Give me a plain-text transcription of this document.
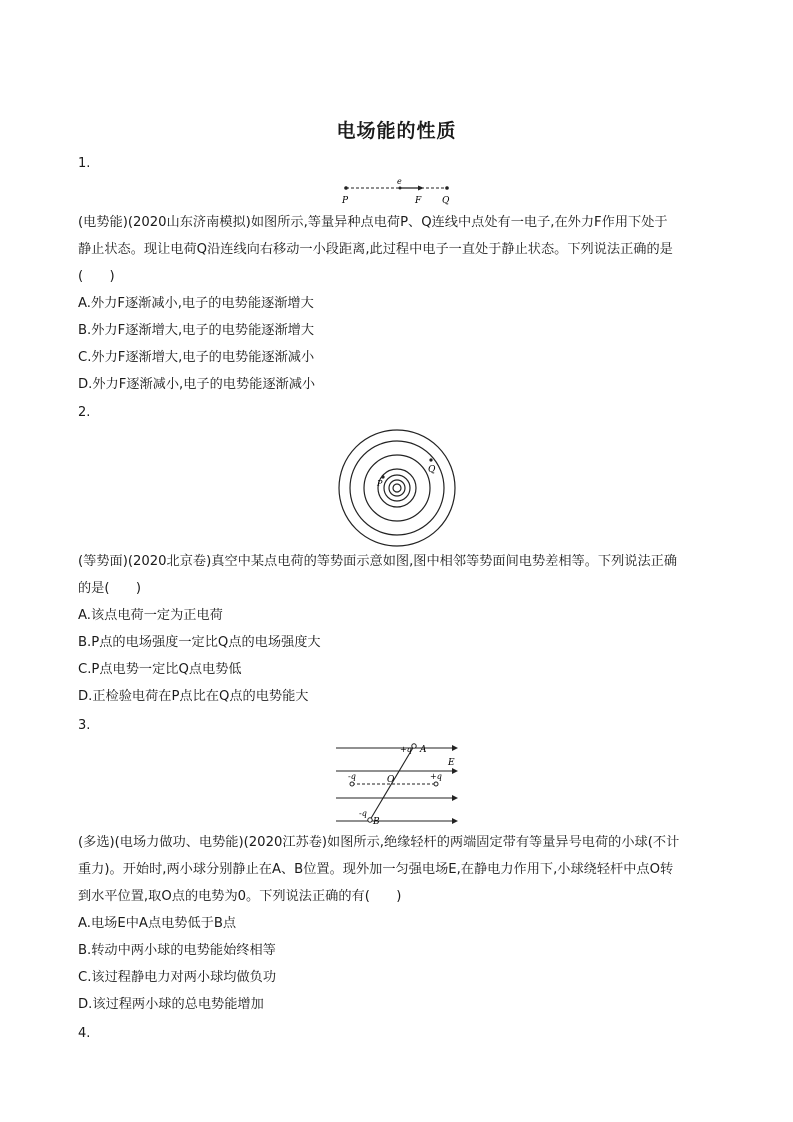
电场能的性质
1.
P	Q
e
F
(电势能)(2020山东济南模拟)如图所示,等量异种点电荷P、Q连线中点处有一电子,在外力F作用下处于
静止状态。现让电荷Q沿连线向右移动一小段距离,此过程中电子一直处于静止状态。下列说法正确的是
(　　)
A.外力F逐渐减小,电子的电势能逐渐增大
B.外力F逐渐增大,电子的电势能逐渐增大
C.外力F逐渐增大,电子的电势能逐渐减小
D.外力F逐渐减小,电子的电势能逐渐减小
2.
P
Q
(等势面)(2020北京卷)真空中某点电荷的等势面示意如图,图中相邻等势面间电势差相等。下列说法正确
的是(　　)
A.该点电荷一定为正电荷
B.P点的电场强度一定比Q点的电场强度大
C.P点电势一定比Q点电势低
D.正检验电荷在P点比在Q点的电势能大
3.
+q A
E
-q	O	+q
-q
B
(多选)(电场力做功、电势能)(2020江苏卷)如图所示,绝缘轻杆的两端固定带有等量异号电荷的小球(不计
重力)。开始时,两小球分别静止在A、B位置。现外加一匀强电场E,在静电力作用下,小球绕轻杆中点O转
到水平位置,取O点的电势为0。下列说法正确的有(　　)
A.电场E中A点电势低于B点
B.转动中两小球的电势能始终相等
C.该过程静电力对两小球均做负功
D.该过程两小球的总电势能增加
4.
